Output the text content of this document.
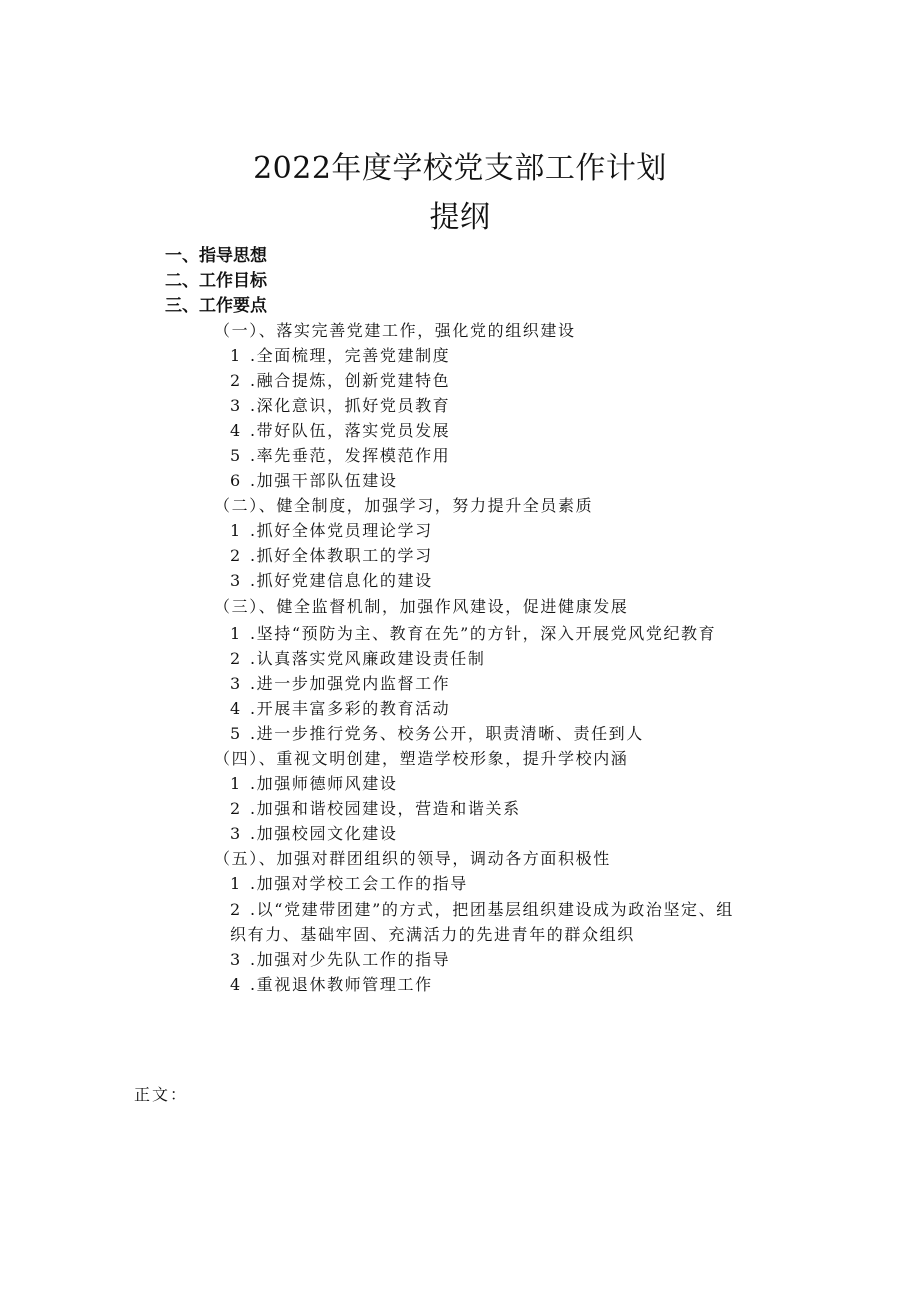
2022年度学校党支部工作计划
提纲
一、指导思想
二、工作目标
三、工作要点
（一）、落实完善党建工作，强化党的组织建设
1 .全面梳理，完善党建制度
2 .融合提炼，创新党建特色
3 .深化意识，抓好党员教育
4 .带好队伍，落实党员发展
5 .率先垂范，发挥模范作用
6 .加强干部队伍建设
（二）、健全制度，加强学习，努力提升全员素质
1 .抓好全体党员理论学习
2 .抓好全体教职工的学习
3 .抓好党建信息化的建设
（三）、健全监督机制，加强作风建设，促进健康发展
1 .坚持“预防为主、教育在先”的方针，深入开展党风党纪教育
2 .认真落实党风廉政建设责任制
3 .进一步加强党内监督工作
4 .开展丰富多彩的教育活动
5 .进一步推行党务、校务公开，职责清晰、责任到人
（四）、重视文明创建，塑造学校形象，提升学校内涵
1 .加强师德师风建设
2 .加强和谐校园建设，营造和谐关系
3 .加强校园文化建设
（五）、加强对群团组织的领导，调动各方面积极性
1 .加强对学校工会工作的指导
2 .以“党建带团建”的方式，把团基层组织建设成为政治坚定、组
织有力、基础牢固、充满活力的先进青年的群众组织
3 .加强对少先队工作的指导
4 .重视退休教师管理工作
正文：
